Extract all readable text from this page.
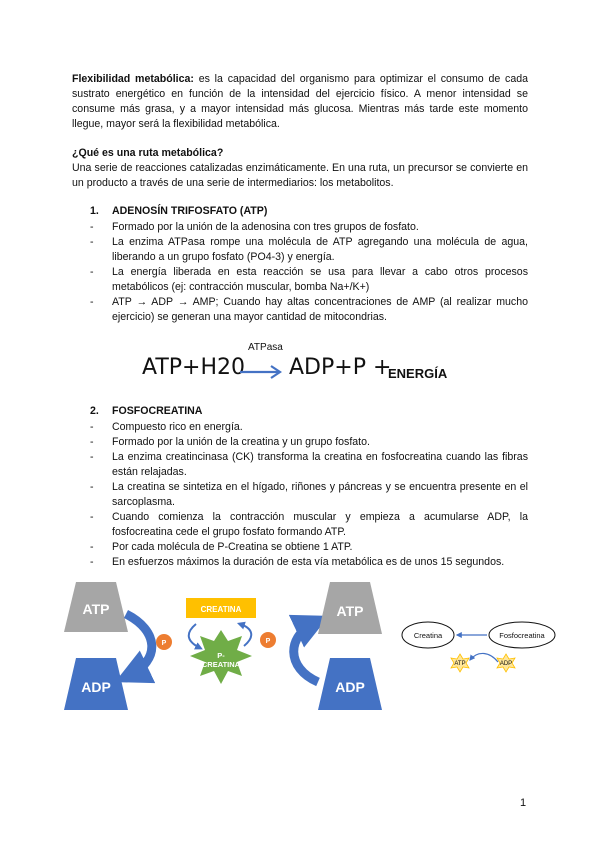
Flexibilidad metabólica: es la capacidad del organismo para optimizar el consumo de cada sustrato energético en función de la intensidad del ejercicio físico. A menor intensidad se consume más grasa, y a mayor intensidad más glucosa. Mientras más tarde este momento llegue, mayor será la flexibilidad metabólica.

¿Qué es una ruta metabólica?

Una serie de reacciones catalizadas enzimáticamente. En una ruta, un precursor se convierte en un producto a través de una serie de intermediarios: los metabolitos.

1. ADENOSÍN TRIFOSFATO (ATP)
- Formado por la unión de la adenosina con tres grupos de fosfato.
- La enzima ATPasa rompe una molécula de ATP agregando una molécula de agua, liberando a un grupo fosfato (PO4-3) y energía.
- La energía liberada en esta reacción se usa para llevar a cabo otros procesos metabólicos (ej: contracción muscular, bomba Na+/K+)
- ATP → ADP → AMP; Cuando hay altas concentraciones de AMP (al realizar mucho ejercicio) se generan una mayor cantidad de mitocondrias.
ATPasa
ATP+H20 ADP+P +
ENERGÍA
2. FOSFOCREATINA
- Compuesto rico en energía.
- Formado por la unión de la creatina y un grupo fosfato.
- La enzima creatincinasa (CK) transforma la creatina en fosfocreatina cuando las fibras están relajadas.
- La creatina se sintetiza en el hígado, riñones y páncreas y se encuentra presente en el sarcoplasma.
- Cuando comienza la contracción muscular y empieza a acumularse ADP, la fosfocreatina cede el grupo fosfato formando ATP.
- Por cada molécula de P-Creatina se obtiene 1 ATP.
- En esfuerzos máximos la duración de esta vía metabólica es de unos 15 segundos.
ATP
ADP
P
CREATINA
P-
CREATINA
P
ATP
ADP
Creatina	Fosfocreatina
ATP	ADP
1
